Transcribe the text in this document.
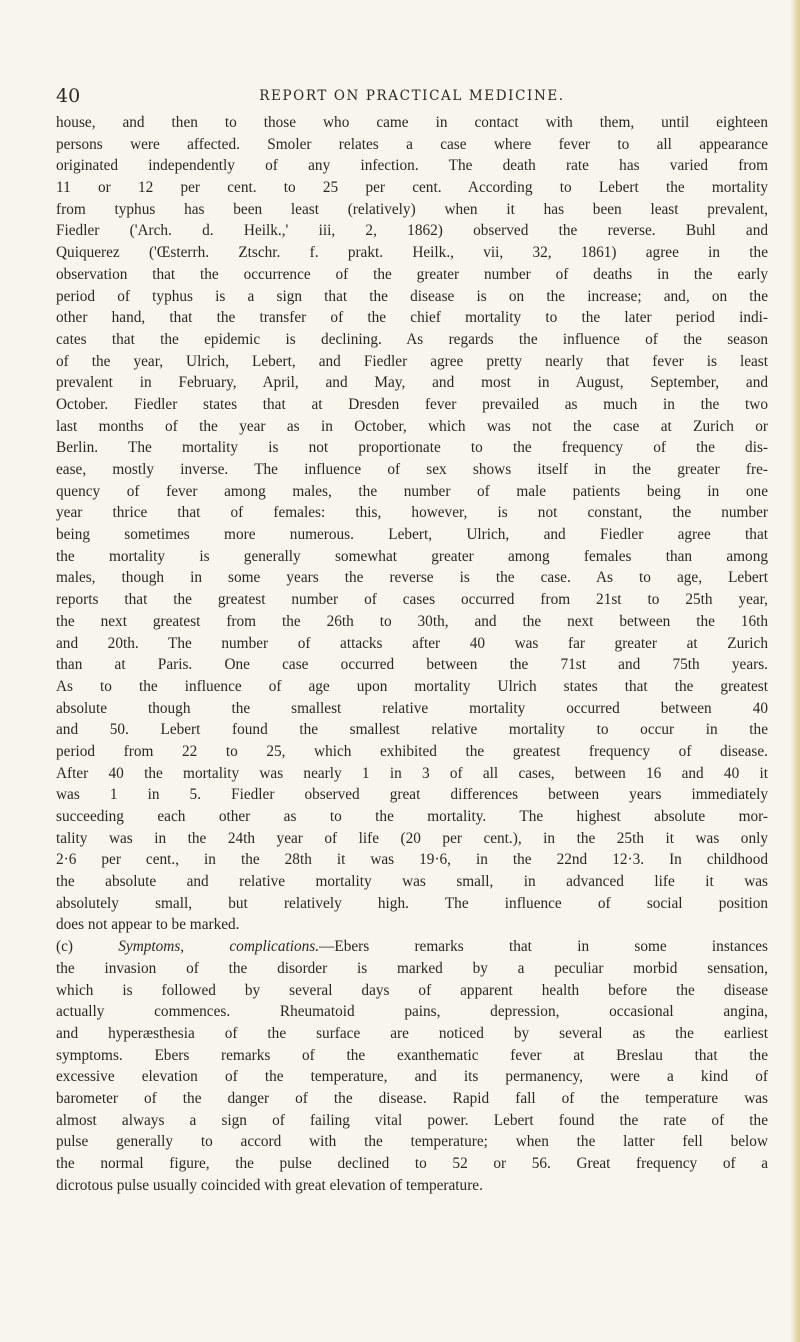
40	REPORT ON PRACTICAL MEDICINE.
house, and then to those who came in contact with them, until eighteen
persons were affected. Smoler relates a case where fever to all appearance
originated independently of any infection. The death rate has varied from
11 or 12 per cent. to 25 per cent. According to Lebert the mortality
from typhus has been least (relatively) when it has been least prevalent,
Fiedler ('Arch. d. Heilk.,' iii, 2, 1862) observed the reverse. Buhl and
Quiquerez ('Œsterrh. Ztschr. f. prakt. Heilk., vii, 32, 1861) agree in the
observation that the occurrence of the greater number of deaths in the early
period of typhus is a sign that the disease is on the increase; and, on the
other hand, that the transfer of the chief mortality to the later period indi-
cates that the epidemic is declining. As regards the influence of the season
of the year, Ulrich, Lebert, and Fiedler agree pretty nearly that fever is least
prevalent in February, April, and May, and most in August, September, and
October. Fiedler states that at Dresden fever prevailed as much in the two
last months of the year as in October, which was not the case at Zurich or
Berlin. The mortality is not proportionate to the frequency of the dis-
ease, mostly inverse. The influence of sex shows itself in the greater fre-
quency of fever among males, the number of male patients being in one
year thrice that of females: this, however, is not constant, the number
being sometimes more numerous. Lebert, Ulrich, and Fiedler agree that
the mortality is generally somewhat greater among females than among
males, though in some years the reverse is the case. As to age, Lebert
reports that the greatest number of cases occurred from 21st to 25th year,
the next greatest from the 26th to 30th, and the next between the 16th
and 20th. The number of attacks after 40 was far greater at Zurich
than at Paris. One case occurred between the 71st and 75th years.
As to the influence of age upon mortality Ulrich states that the greatest
absolute though the smallest relative mortality occurred between 40
and 50. Lebert found the smallest relative mortality to occur in the
period from 22 to 25, which exhibited the greatest frequency of disease.
After 40 the mortality was nearly 1 in 3 of all cases, between 16 and 40 it
was 1 in 5. Fiedler observed great differences between years immediately
succeeding each other as to the mortality. The highest absolute mor-
tality was in the 24th year of life (20 per cent.), in the 25th it was only
2·6 per cent., in the 28th it was 19·6, in the 22nd 12·3. In childhood
the absolute and relative mortality was small, in advanced life it was
absolutely small, but relatively high. The influence of social position
does not appear to be marked.
(c) Symptoms, complications.—Ebers remarks that in some instances
the invasion of the disorder is marked by a peculiar morbid sensation,
which is followed by several days of apparent health before the disease
actually commences. Rheumatoid pains, depression, occasional angina,
and hyperæsthesia of the surface are noticed by several as the earliest
symptoms. Ebers remarks of the exanthematic fever at Breslau that the
excessive elevation of the temperature, and its permanency, were a kind of
barometer of the danger of the disease. Rapid fall of the temperature was
almost always a sign of failing vital power. Lebert found the rate of the
pulse generally to accord with the temperature; when the latter fell below
the normal figure, the pulse declined to 52 or 56. Great frequency of a
dicrotous pulse usually coincided with great elevation of temperature.
